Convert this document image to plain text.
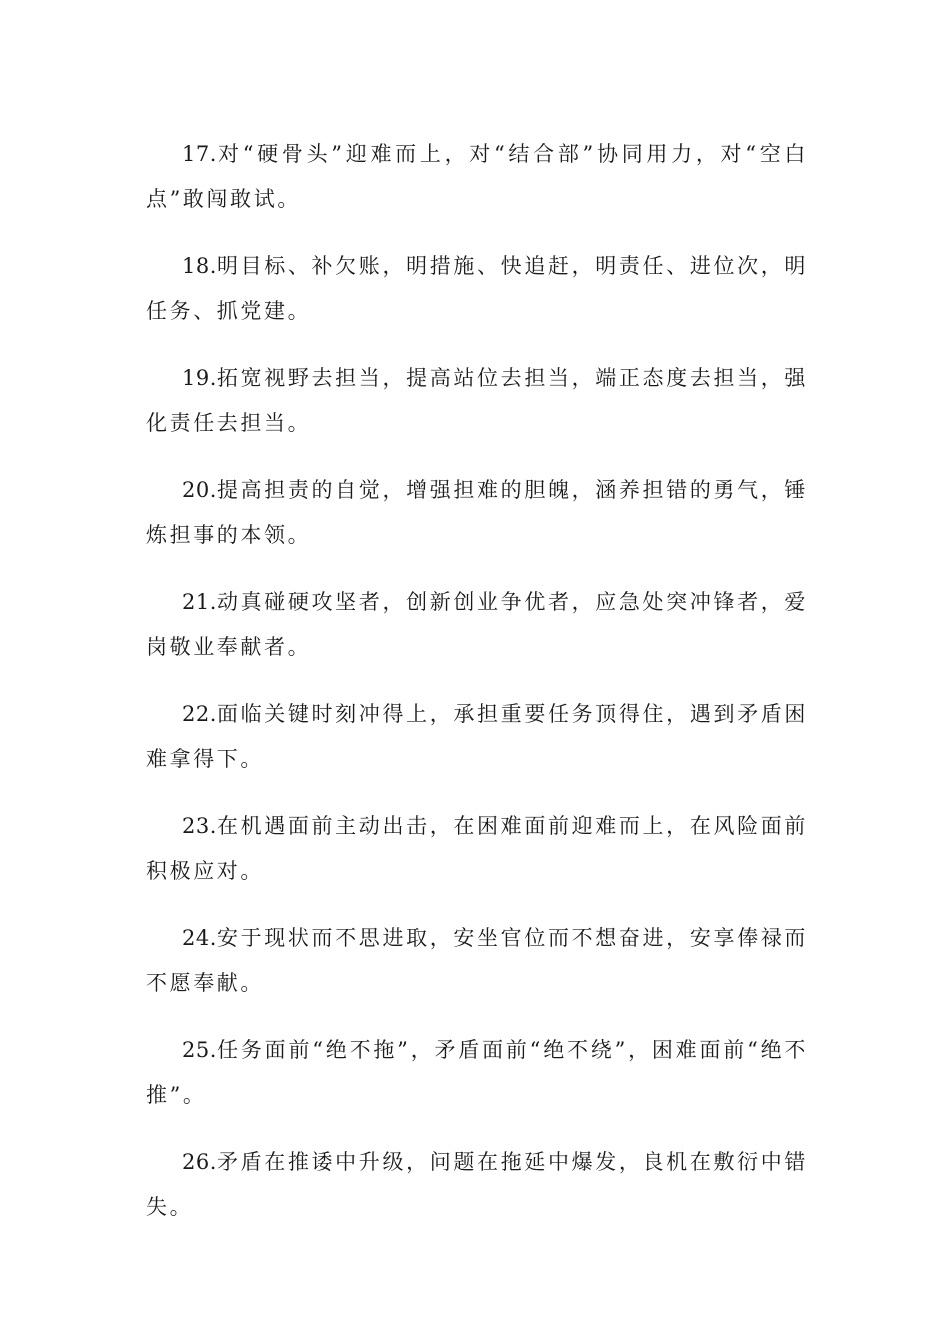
17.对“硬骨头”迎难而上，对“结合部”协同用力，对“空白点”敢闯敢试。

18.明目标、补欠账，明措施、快追赶，明责任、进位次，明任务、抓党建。

19.拓宽视野去担当，提高站位去担当，端正态度去担当，强化责任去担当。

20.提高担责的自觉，增强担难的胆魄，涵养担错的勇气，锤炼担事的本领。

21.动真碰硬攻坚者，创新创业争优者，应急处突冲锋者，爱岗敬业奉献者。

22.面临关键时刻冲得上，承担重要任务顶得住，遇到矛盾困难拿得下。

23.在机遇面前主动出击，在困难面前迎难而上，在风险面前积极应对。

24.安于现状而不思进取，安坐官位而不想奋进，安享俸禄而不愿奉献。

25.任务面前“绝不拖”，矛盾面前“绝不绕”，困难面前“绝不推”。

26.矛盾在推诿中升级，问题在拖延中爆发，良机在敷衍中错失。
